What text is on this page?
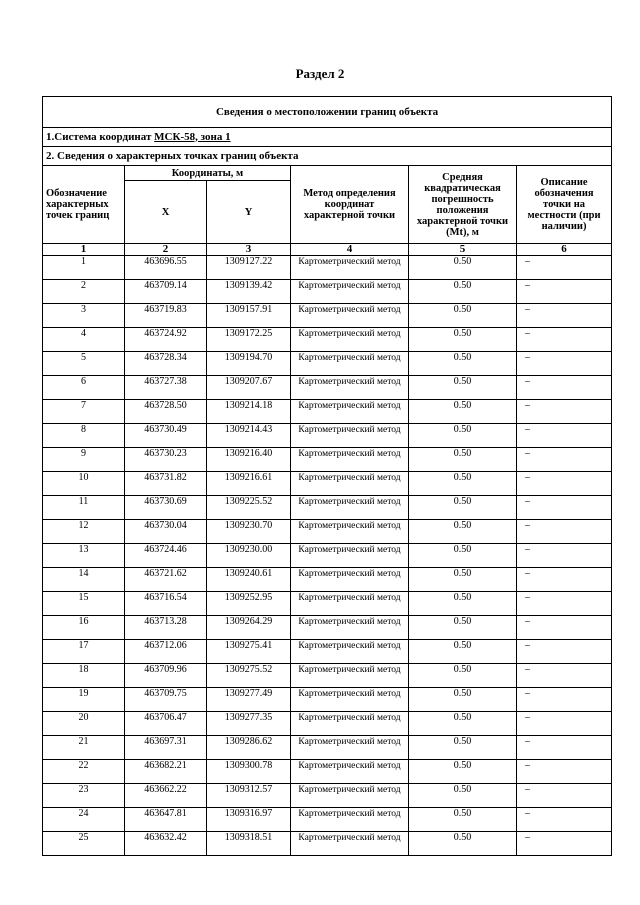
Раздел 2
Сведения о местоположении границ объекта					
1.Система координат МСК-58, зона 1					
2. Сведения о характерных точках границ объекта					
Обозначение характерных точек границ	Координаты, м		Метод определения координат характерной точки	Средняя квадратическая погрешность положения характерной точки (Mt), м	Описание обозначения точки на местности (при наличии)
	X	Y			
1	2	3	4	5	6
1	463696.55	1309127.22	Картометрический метод	0.50	–
2	463709.14	1309139.42	Картометрический метод	0.50	–
3	463719.83	1309157.91	Картометрический метод	0.50	–
4	463724.92	1309172.25	Картометрический метод	0.50	–
5	463728.34	1309194.70	Картометрический метод	0.50	–
6	463727.38	1309207.67	Картометрический метод	0.50	–
7	463728.50	1309214.18	Картометрический метод	0.50	–
8	463730.49	1309214.43	Картометрический метод	0.50	–
9	463730.23	1309216.40	Картометрический метод	0.50	–
10	463731.82	1309216.61	Картометрический метод	0.50	–
11	463730.69	1309225.52	Картометрический метод	0.50	–
12	463730.04	1309230.70	Картометрический метод	0.50	–
13	463724.46	1309230.00	Картометрический метод	0.50	–
14	463721.62	1309240.61	Картометрический метод	0.50	–
15	463716.54	1309252.95	Картометрический метод	0.50	–
16	463713.28	1309264.29	Картометрический метод	0.50	–
17	463712.06	1309275.41	Картометрический метод	0.50	–
18	463709.96	1309275.52	Картометрический метод	0.50	–
19	463709.75	1309277.49	Картометрический метод	0.50	–
20	463706.47	1309277.35	Картометрический метод	0.50	–
21	463697.31	1309286.62	Картометрический метод	0.50	–
22	463682.21	1309300.78	Картометрический метод	0.50	–
23	463662.22	1309312.57	Картометрический метод	0.50	–
24	463647.81	1309316.97	Картометрический метод	0.50	–
25	463632.42	1309318.51	Картометрический метод	0.50	–
